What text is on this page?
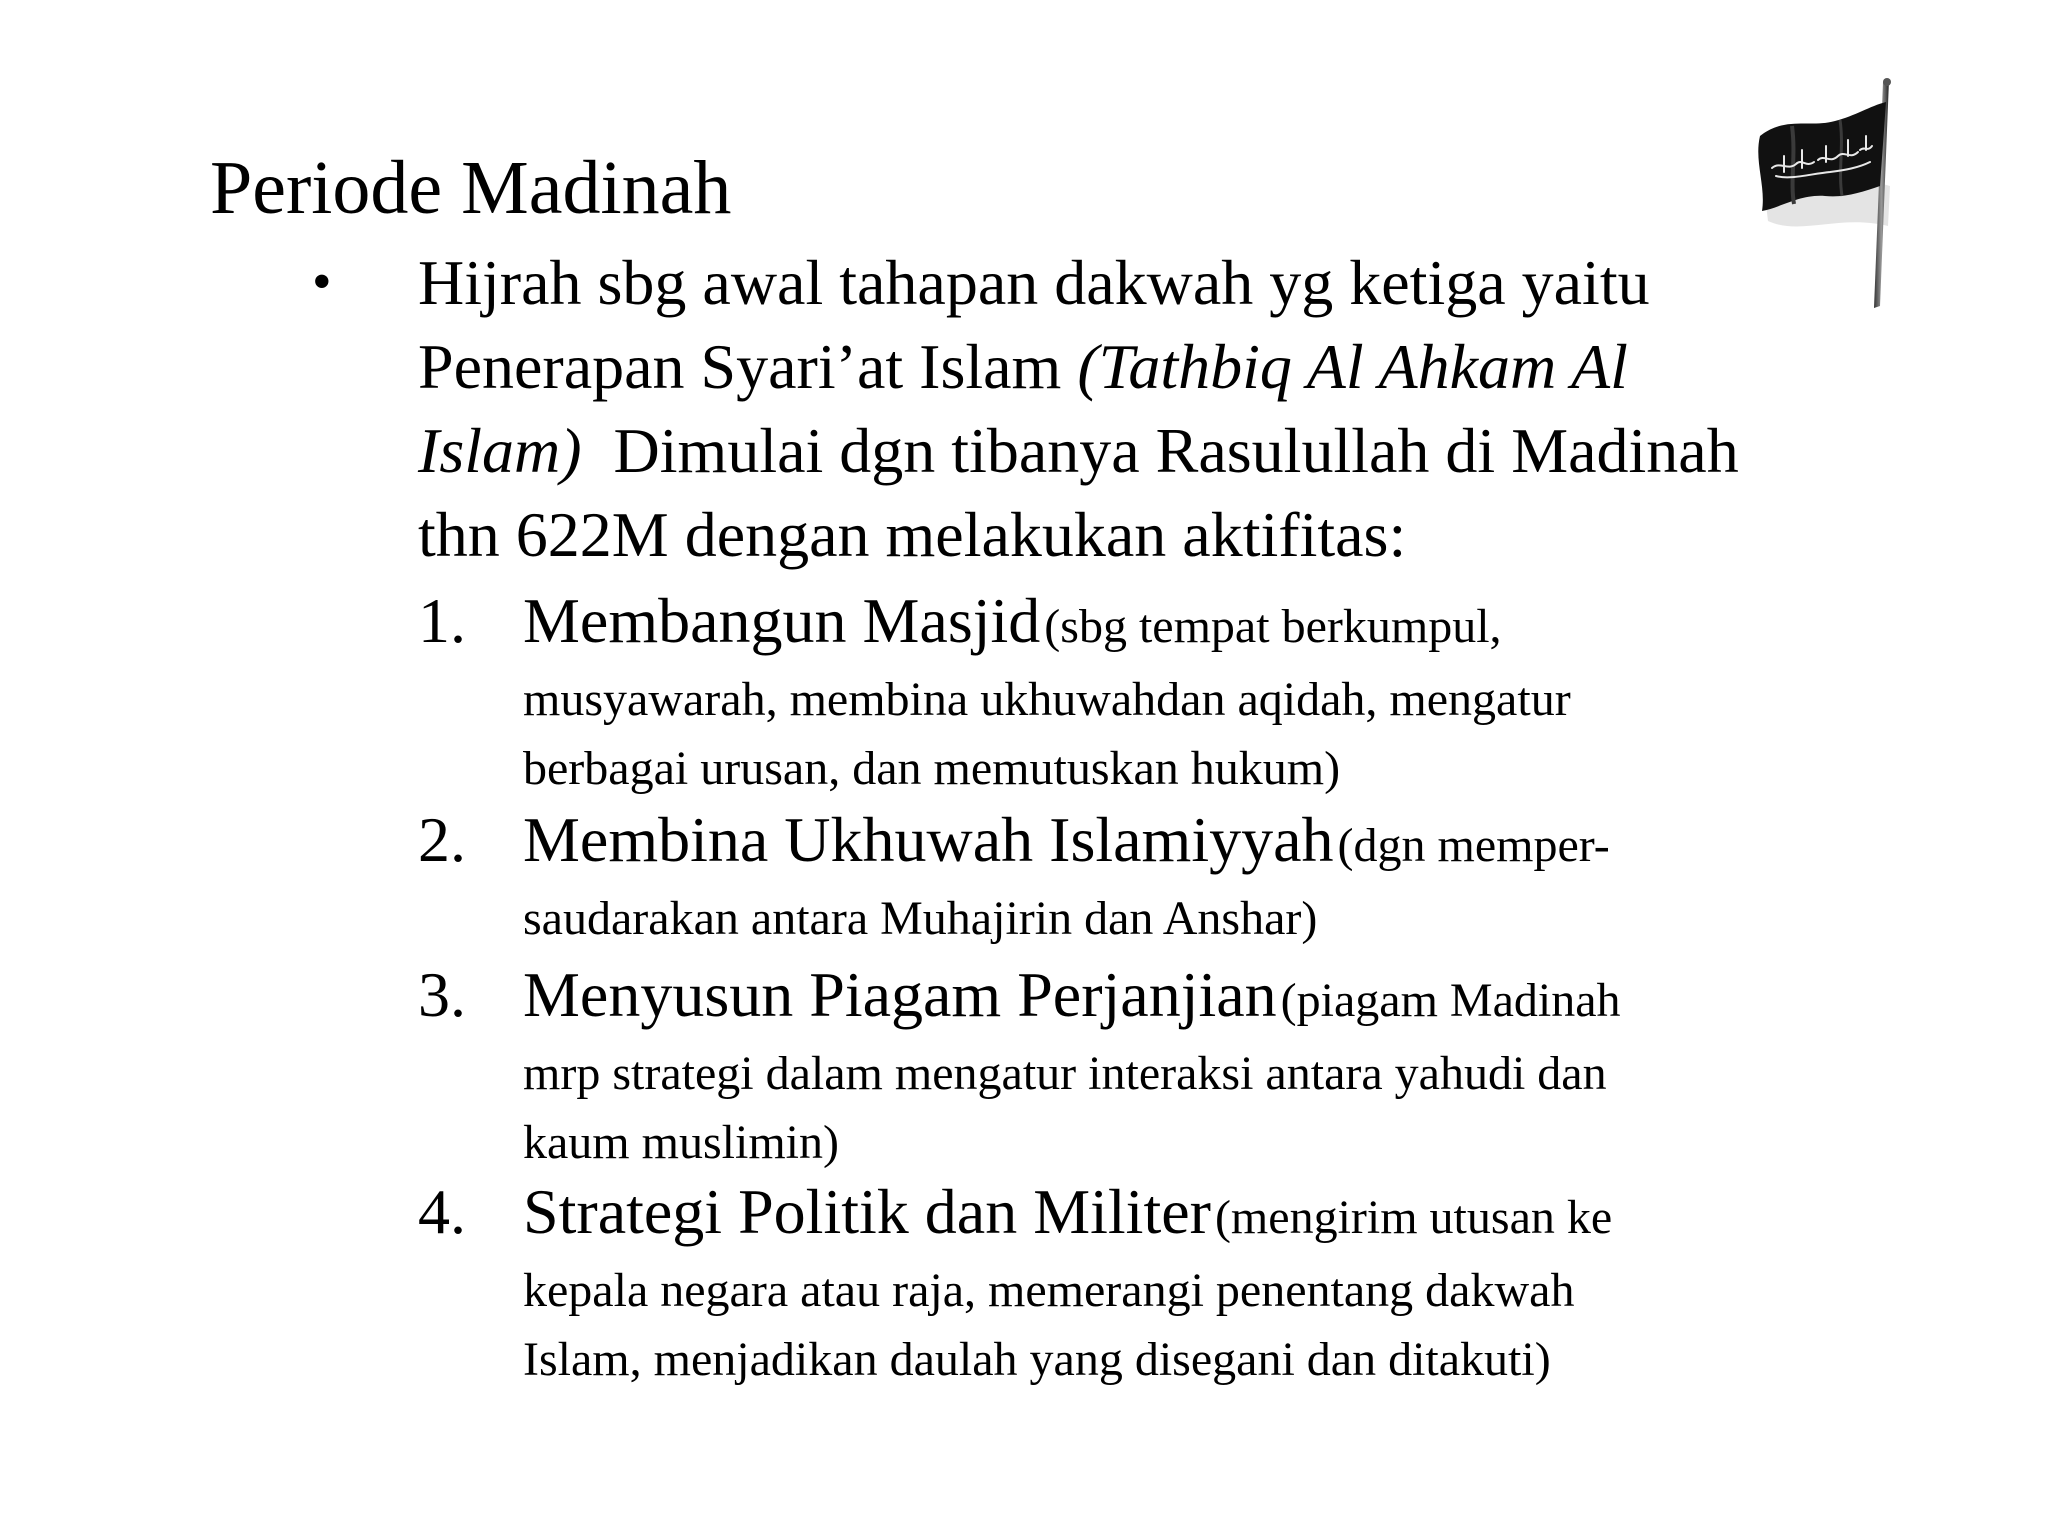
Periode Madinah
• Hijrah sbg awal tahapan dakwah yg ketiga yaitu
Penerapan Syari’at Islam (Tathbiq Al Ahkam Al
Islam)  Dimulai dgn tibanya Rasulullah di Madinah
thn 622M dengan melakukan aktifitas:
1. Membangun Masjid (sbg tempat berkumpul,
musyawarah, membina ukhuwahdan aqidah, mengatur
berbagai urusan, dan memutuskan hukum)
2. Membina Ukhuwah Islamiyyah (dgn memper-
saudarakan antara Muhajirin dan Anshar)
3. Menyusun Piagam Perjanjian (piagam Madinah
mrp strategi dalam mengatur interaksi antara yahudi dan
kaum muslimin)
4. Strategi Politik dan Militer (mengirim utusan ke
kepala negara atau raja, memerangi penentang dakwah
Islam, menjadikan daulah yang disegani dan ditakuti)
